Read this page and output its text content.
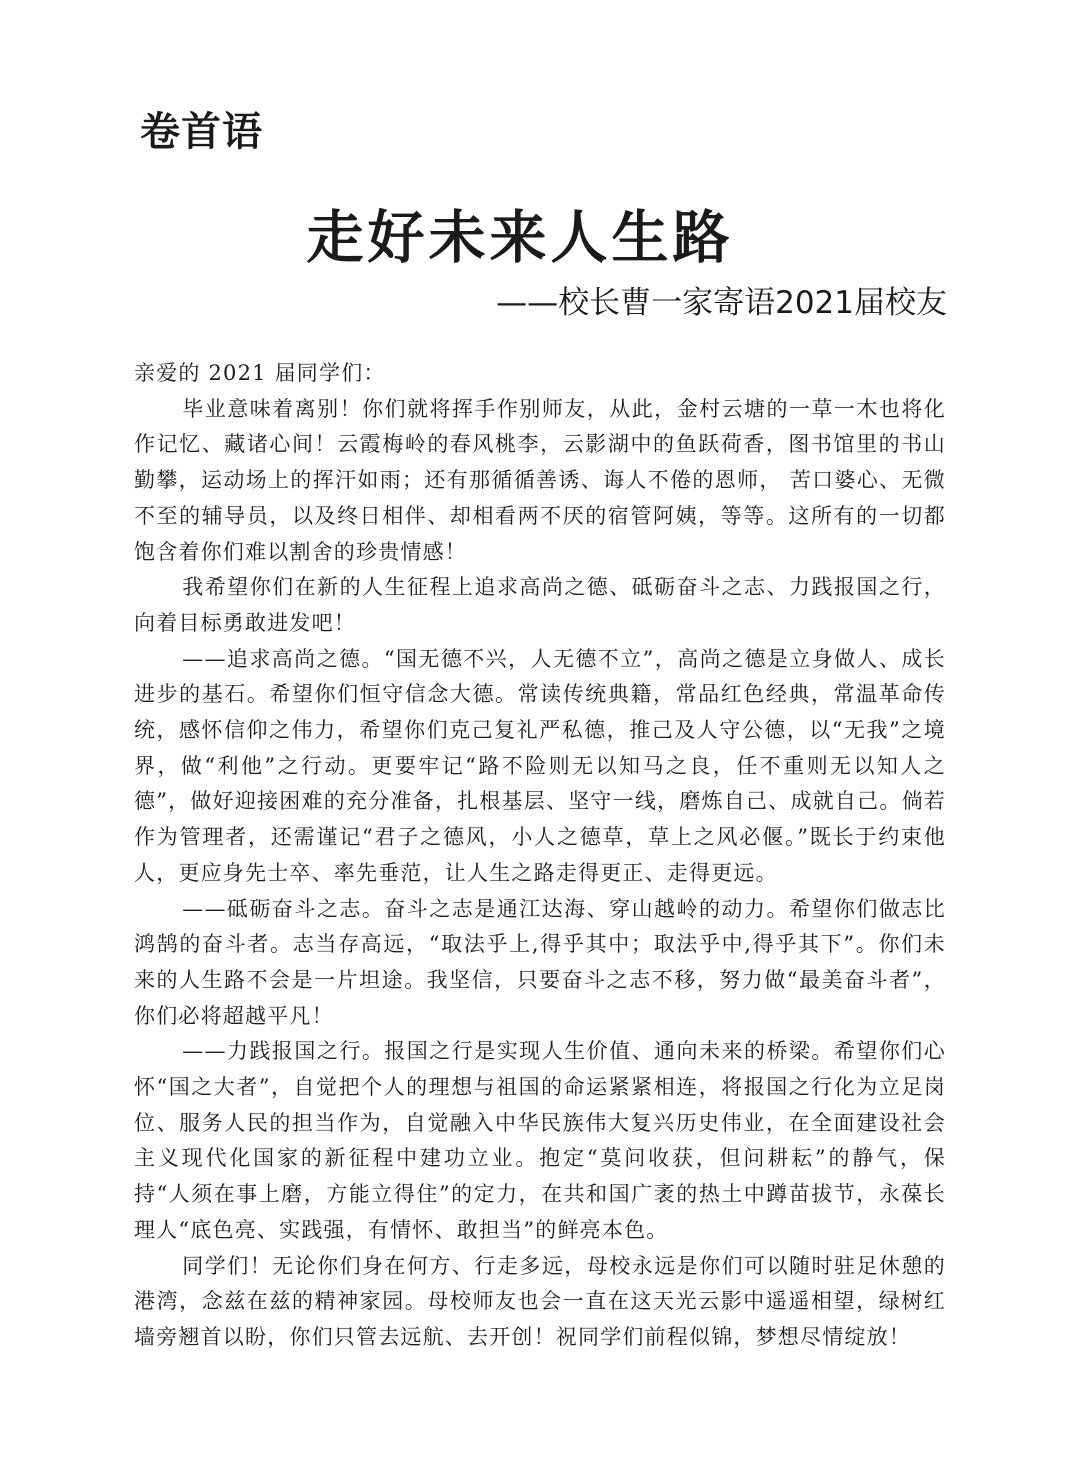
卷首语
走好未来人生路
——校长曹一家寄语2021届校友

亲爱的 2021 届同学们：

毕业意味着离别！你们就将挥手作别师友，从此，金村云塘的一草一木也将化作记忆、藏诸心间！云霞梅岭的春风桃李，云影湖中的鱼跃荷香，图书馆里的书山勤攀，运动场上的挥汗如雨；还有那循循善诱、诲人不倦的恩师， 苦口婆心、无微不至的辅导员，以及终日相伴、却相看两不厌的宿管阿姨，等等。这所有的一切都饱含着你们难以割舍的珍贵情感！

我希望你们在新的人生征程上追求高尚之德、砥砺奋斗之志、力践报国之行，向着目标勇敢进发吧！

——追求高尚之德。“国无德不兴，人无德不立”，高尚之德是立身做人、成长进步的基石。希望你们恒守信念大德。常读传统典籍，常品红色经典，常温革命传统，感怀信仰之伟力，希望你们克己复礼严私德，推己及人守公德，以“无我”之境界，做“利他”之行动。更要牢记“路不险则无以知马之良，任不重则无以知人之德”，做好迎接困难的充分准备，扎根基层、坚守一线，磨炼自己、成就自己。倘若作为管理者，还需谨记“君子之德风，小人之德草，草上之风必偃。”既长于约束他人，更应身先士卒、率先垂范，让人生之路走得更正、走得更远。

——砥砺奋斗之志。奋斗之志是通江达海、穿山越岭的动力。希望你们做志比鸿鹄的奋斗者。志当存高远，“取法乎上,得乎其中；取法乎中,得乎其下”。你们未来的人生路不会是一片坦途。我坚信，只要奋斗之志不移，努力做“最美奋斗者”，你们必将超越平凡！

——力践报国之行。报国之行是实现人生价值、通向未来的桥梁。希望你们心怀“国之大者”，自觉把个人的理想与祖国的命运紧紧相连，将报国之行化为立足岗位、服务人民的担当作为，自觉融入中华民族伟大复兴历史伟业，在全面建设社会主义现代化国家的新征程中建功立业。抱定“莫问收获，但问耕耘”的静气，保持“人须在事上磨，方能立得住”的定力，在共和国广袤的热土中蹲苗拔节，永葆长理人“底色亮、实践强，有情怀、敢担当”的鲜亮本色。

同学们！无论你们身在何方、行走多远，母校永远是你们可以随时驻足休憩的港湾，念兹在兹的精神家园。母校师友也会一直在这天光云影中遥遥相望，绿树红墙旁翘首以盼，你们只管去远航、去开创！祝同学们前程似锦，梦想尽情绽放！
